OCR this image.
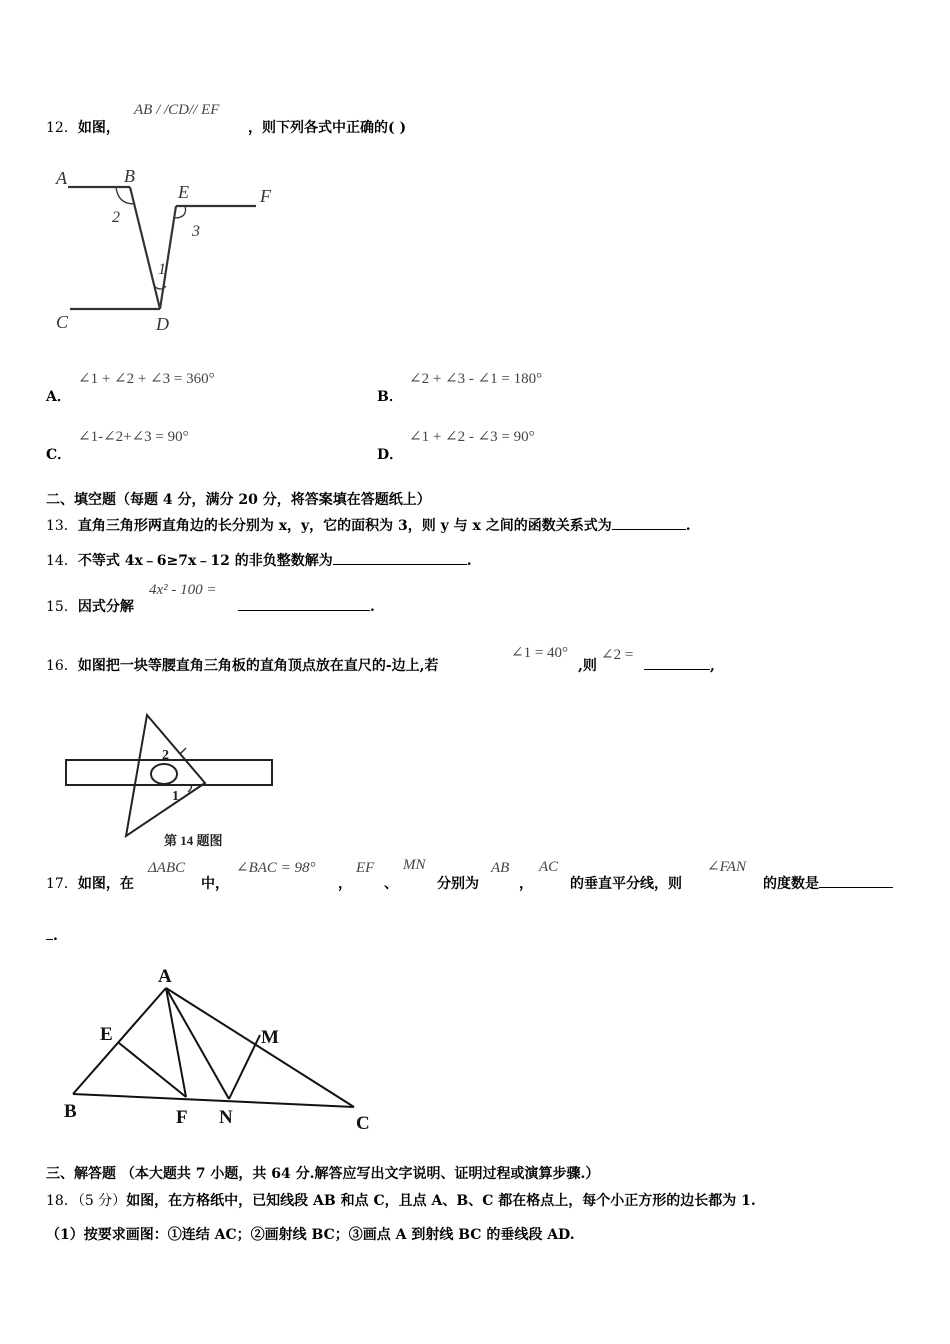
12．如图，
AB / /CD// EF
，则下列各式中正确的( )
A	B
E	F
C	D
2
3
1
A．
∠1 + ∠2 + ∠3 = 360°
B．
∠2 + ∠3 - ∠1 = 180°
C．
∠1-∠2+∠3 = 90°
D．
∠1 + ∠2 - ∠3 = 90°
二、填空题（每题 4 分，满分 20 分，将答案填在答题纸上）
13．直角三角形两直角边的长分别为 x，y，它的面积为 3，则 y 与 x 之间的函数关系式为	.
14．不等式 4x﹣6≥7x﹣12 的非负整数解为	.
15．因式分解
4x² - 100 =
.
16．如图把一块等腰直角三角板的直角顶点放在直尺的-边上,若
∠1 = 40°
,则
∠2 =
,
2
1
第 14 题图
17．如图，在
ΔABC
中，
∠BAC = 98°
，
EF
、
MN
分别为
AB
，
AC
的垂直平分线，则
∠FAN
的度数是
.
A
E	M
B	F N	C
三、解答题 （本大题共 7 小题，共 64 分.解答应写出文字说明、证明过程或演算步骤.）
18．（5 分）如图，在方格纸中，已知线段 AB 和点 C，且点 A、B、C 都在格点上，每个小正方形的边长都为 1.
（1）按要求画图：①连结 AC；②画射线 BC；③画点 A 到射线 BC 的垂线段 AD.
